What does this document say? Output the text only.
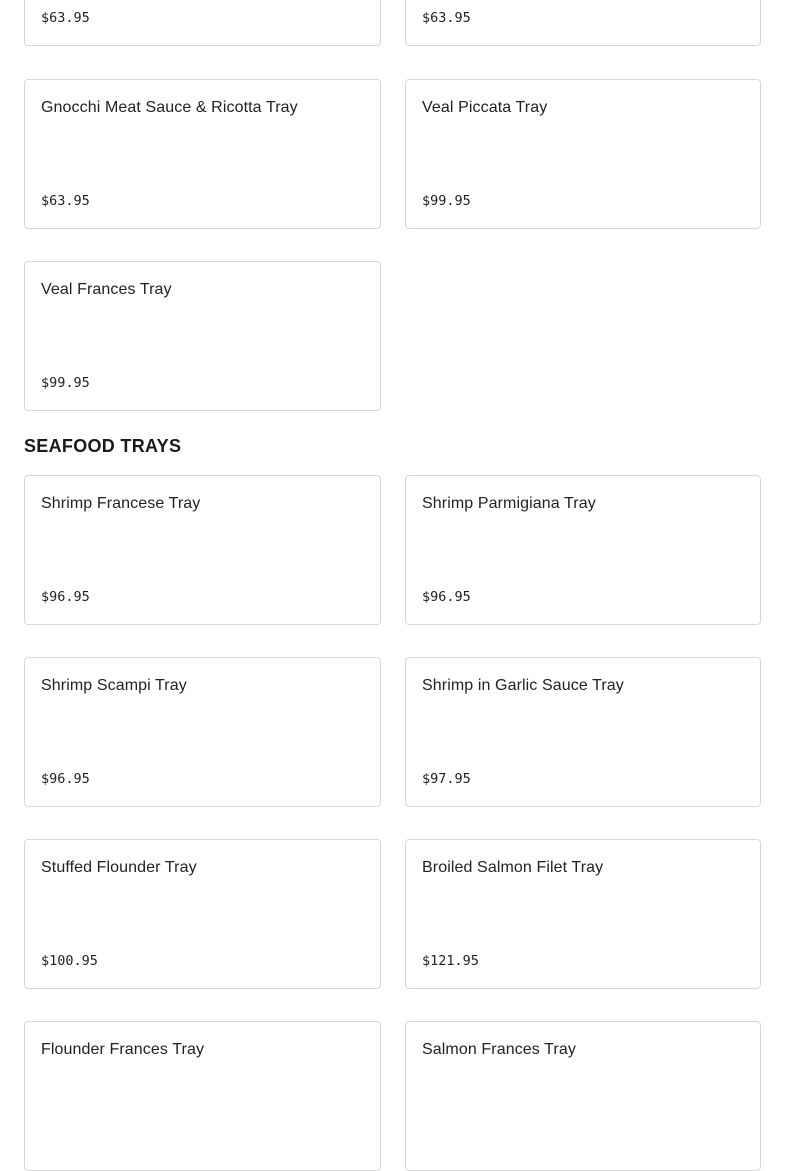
$63.95	$63.95
Gnocchi Meat Sauce & Ricotta Tray
$63.95
Veal Piccata Tray
$99.95
Veal Frances Tray
$99.95
SEAFOOD TRAYS
Shrimp Francese Tray
$96.95
Shrimp Parmigiana Tray
$96.95
Shrimp Scampi Tray
$96.95
Shrimp in Garlic Sauce Tray
$97.95
Stuffed Flounder Tray
$100.95
Broiled Salmon Filet Tray
$121.95
Flounder Frances Tray	Salmon Frances Tray
